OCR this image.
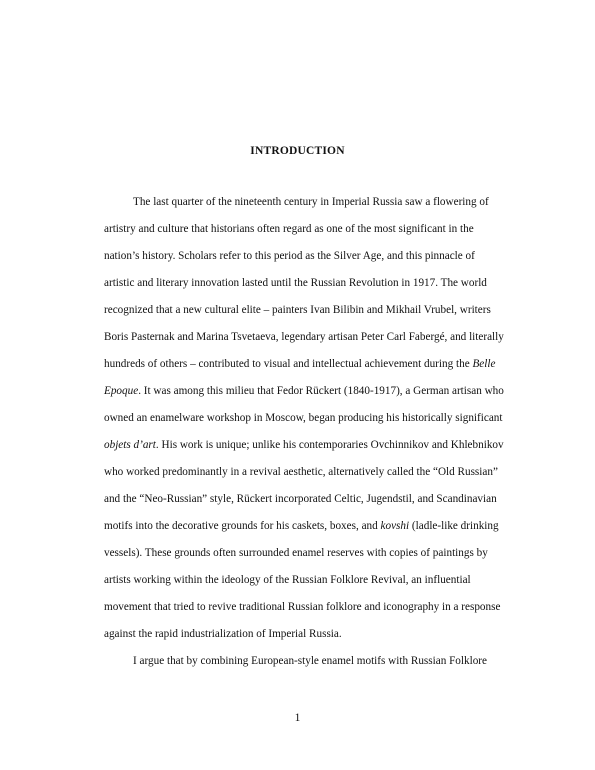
INTRODUCTION
The last quarter of the nineteenth century in Imperial Russia saw a flowering of
artistry and culture that historians often regard as one of the most significant in the
nation’s history. Scholars refer to this period as the Silver Age, and this pinnacle of
artistic and literary innovation lasted until the Russian Revolution in 1917. The world
recognized that a new cultural elite – painters Ivan Bilibin and Mikhail Vrubel, writers
Boris Pasternak and Marina Tsvetaeva, legendary artisan Peter Carl Fabergé, and literally
hundreds of others – contributed to visual and intellectual achievement during the Belle
Epoque. It was among this milieu that Fedor Rückert (1840-1917), a German artisan who
owned an enamelware workshop in Moscow, began producing his historically significant
objets d’art. His work is unique; unlike his contemporaries Ovchinnikov and Khlebnikov
who worked predominantly in a revival aesthetic, alternatively called the “Old Russian”
and the “Neo-Russian” style, Rückert incorporated Celtic, Jugendstil, and Scandinavian
motifs into the decorative grounds for his caskets, boxes, and kovshi (ladle-like drinking
vessels). These grounds often surrounded enamel reserves with copies of paintings by
artists working within the ideology of the Russian Folklore Revival, an influential
movement that tried to revive traditional Russian folklore and iconography in a response
against the rapid industrialization of Imperial Russia.
I argue that by combining European-style enamel motifs with Russian Folklore
1
